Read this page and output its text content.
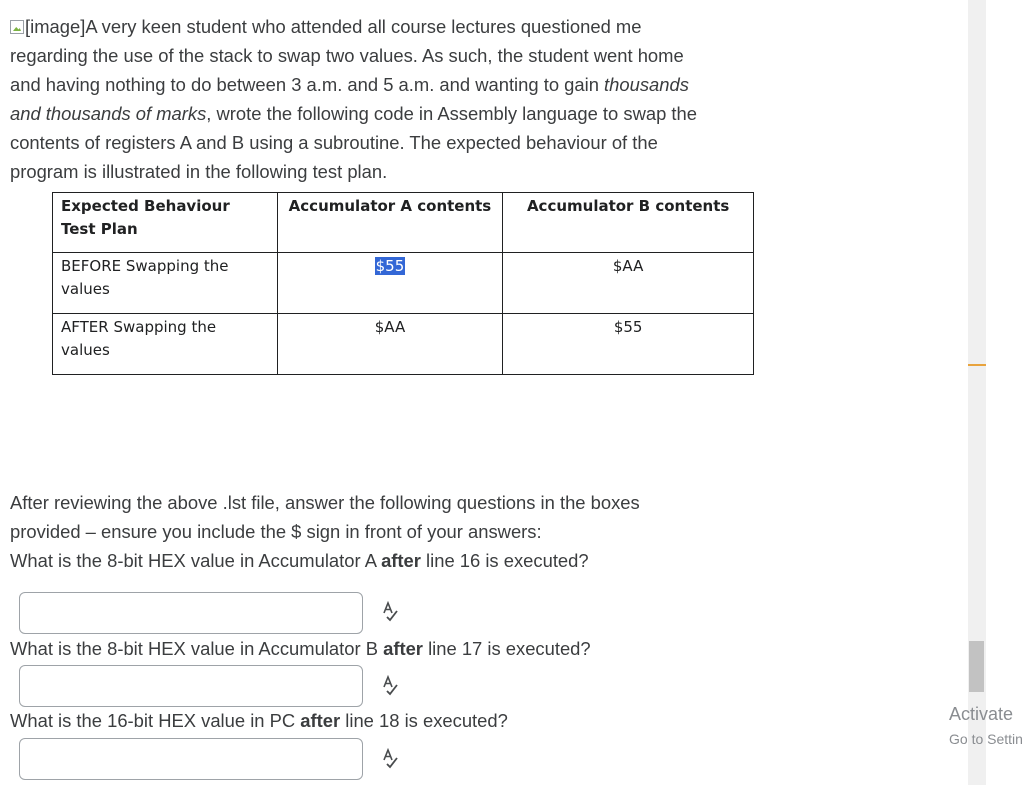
[image]A very keen student who attended all course lectures questioned me

regarding the use of the stack to swap two values. As such, the student went home

and having nothing to do between 3 a.m. and 5 a.m. and wanting to gain thousands

and thousands of marks, wrote the following code in Assembly language to swap the

contents of registers A and B using a subroutine. The expected behaviour of the

program is illustrated in the following test plan.

Expected Behaviour Test Plan	Accumulator A contents	Accumulator B contents
BEFORE Swapping the values	$55	$AA
AFTER Swapping the values	$AA	$55

After reviewing the above .lst file, answer the following questions in the boxes

provided – ensure you include the $ sign in front of your answers:

What is the 8-bit HEX value in Accumulator A after line 16 is executed?

What is the 8-bit HEX value in Accumulator B after line 17 is executed?

What is the 16-bit HEX value in PC after line 18 is executed?	Activate
Go to Settin
